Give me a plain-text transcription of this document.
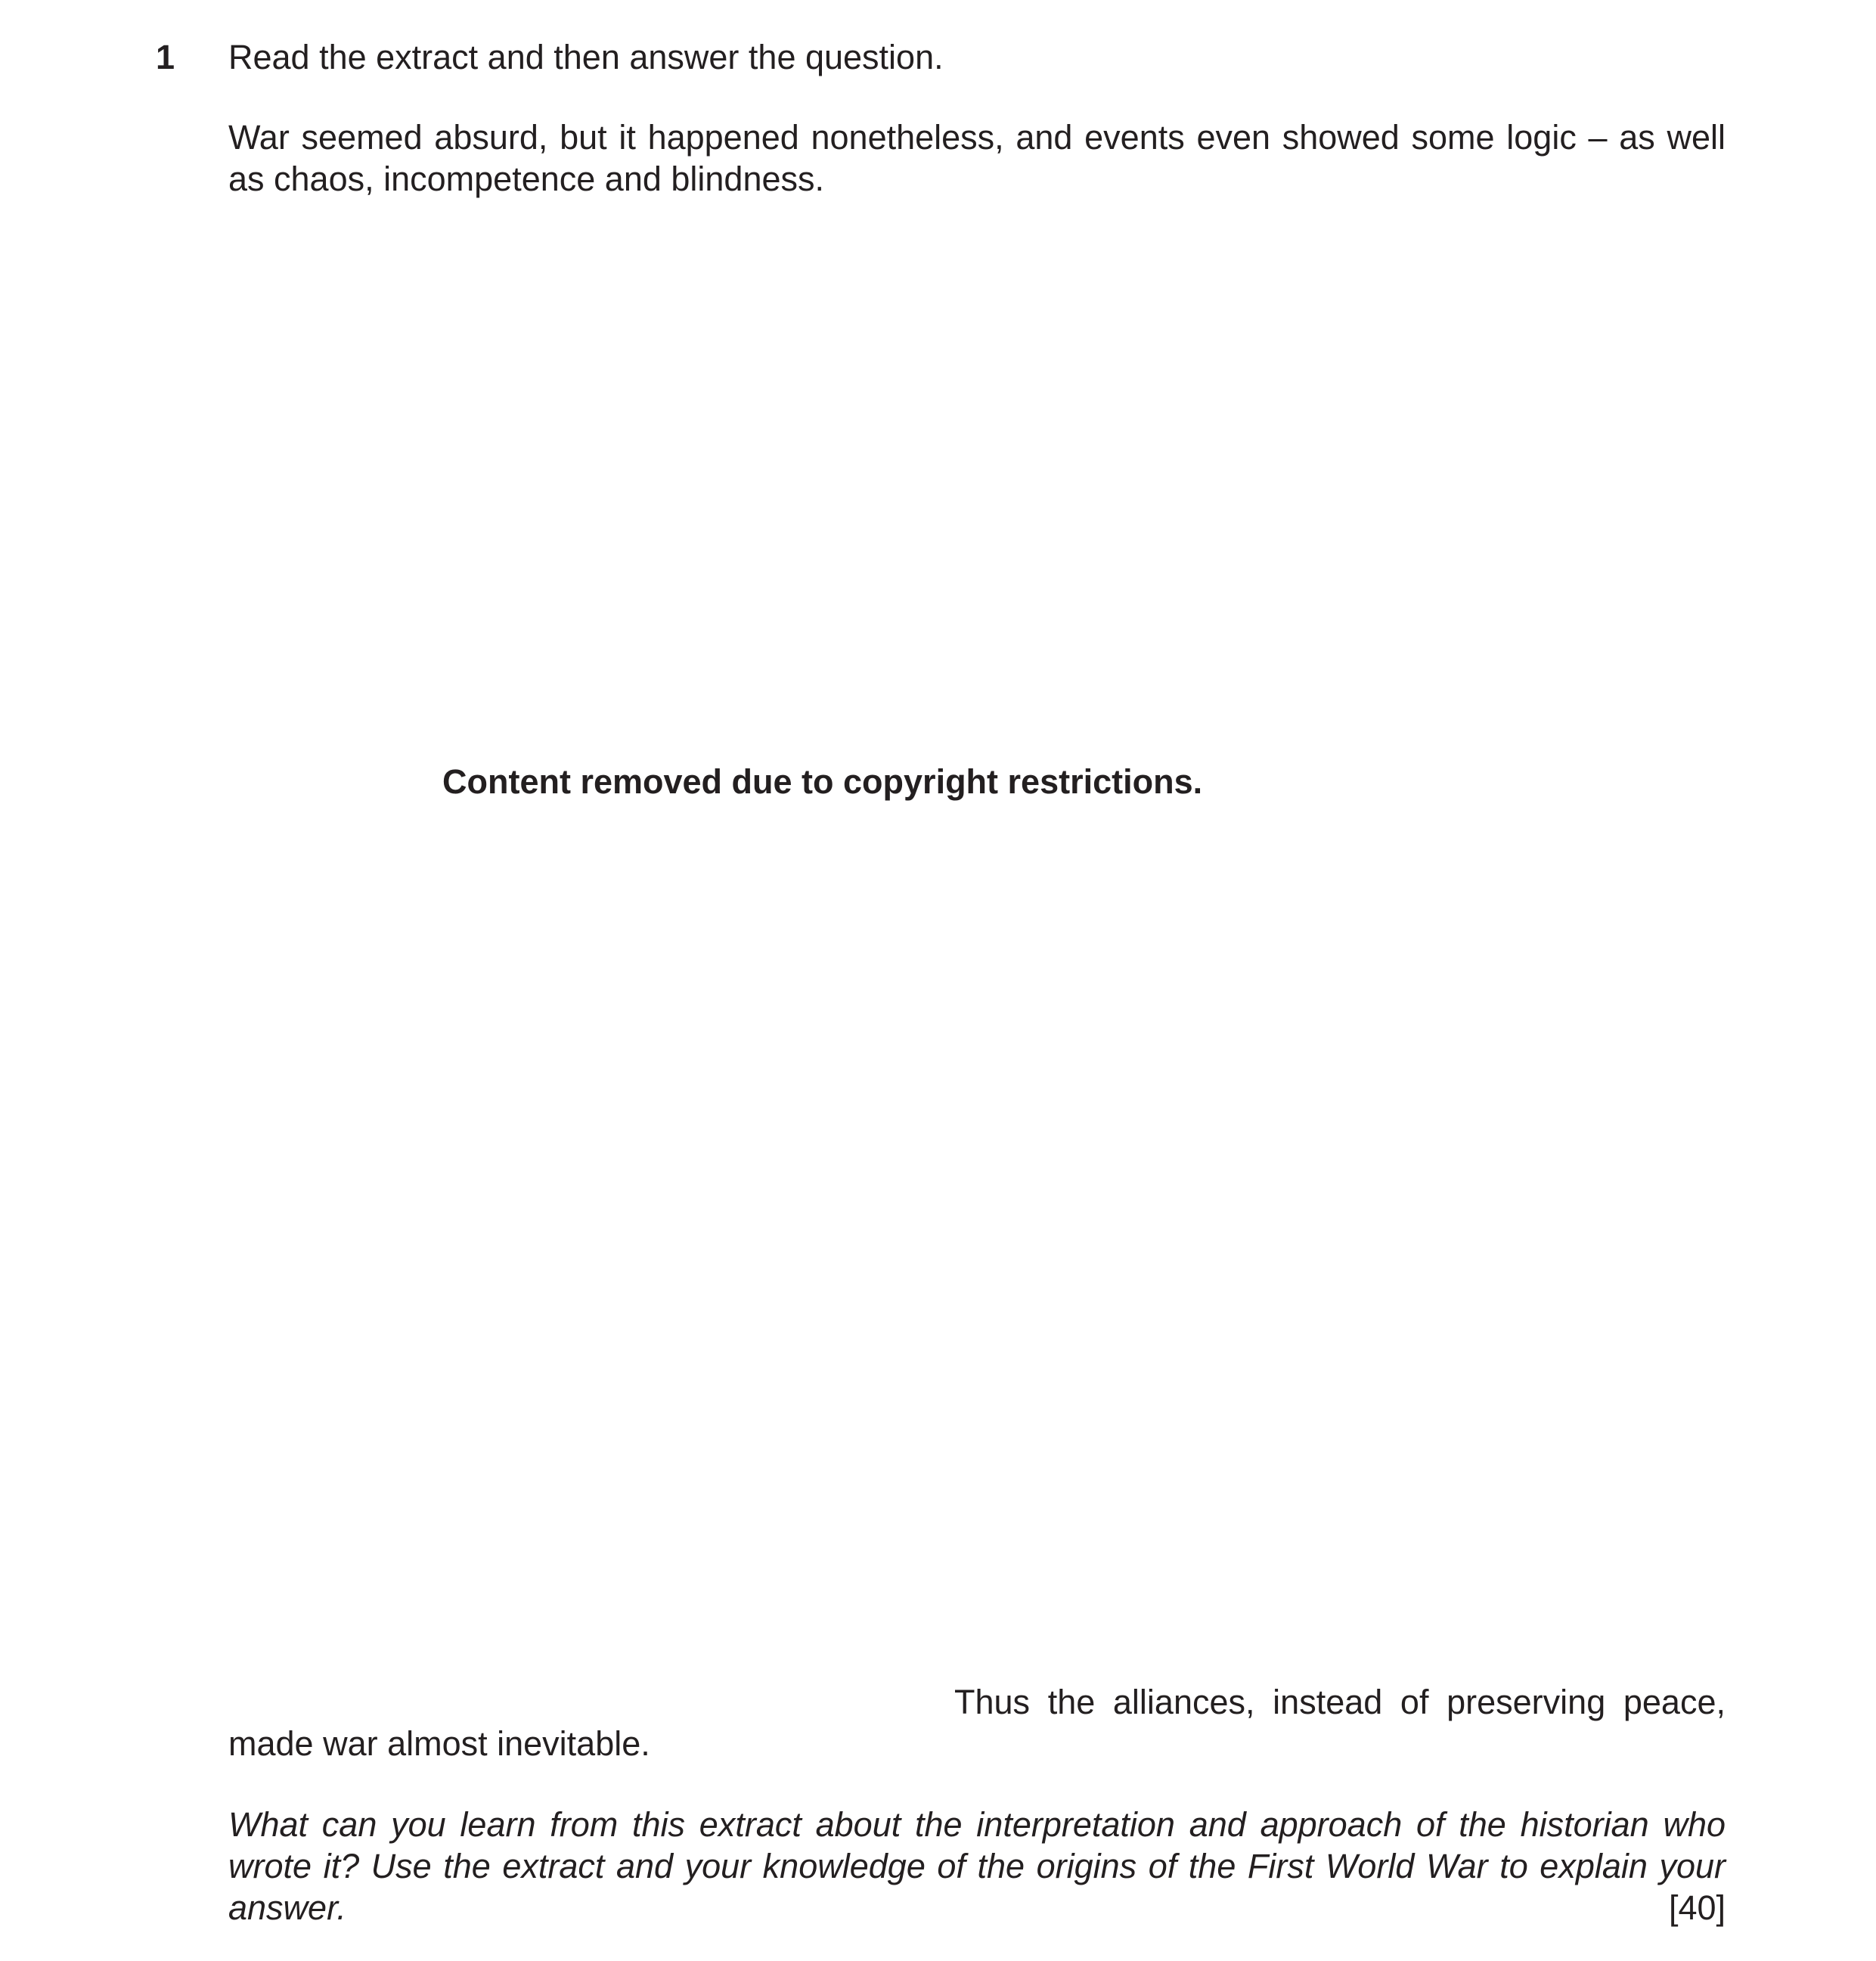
1 Read the extract and then answer the question.

War seemed absurd, but it happened nonetheless, and events even showed some logic – as well as chaos, incompetence and blindness.

Content removed due to copyright restrictions.

Thus the alliances, instead of preserving peace,

made war almost inevitable.

What can you learn from this extract about the interpretation and approach of the historian who wrote it? Use the extract and your knowledge of the origins of the First World War to explain your answer.	[40]
